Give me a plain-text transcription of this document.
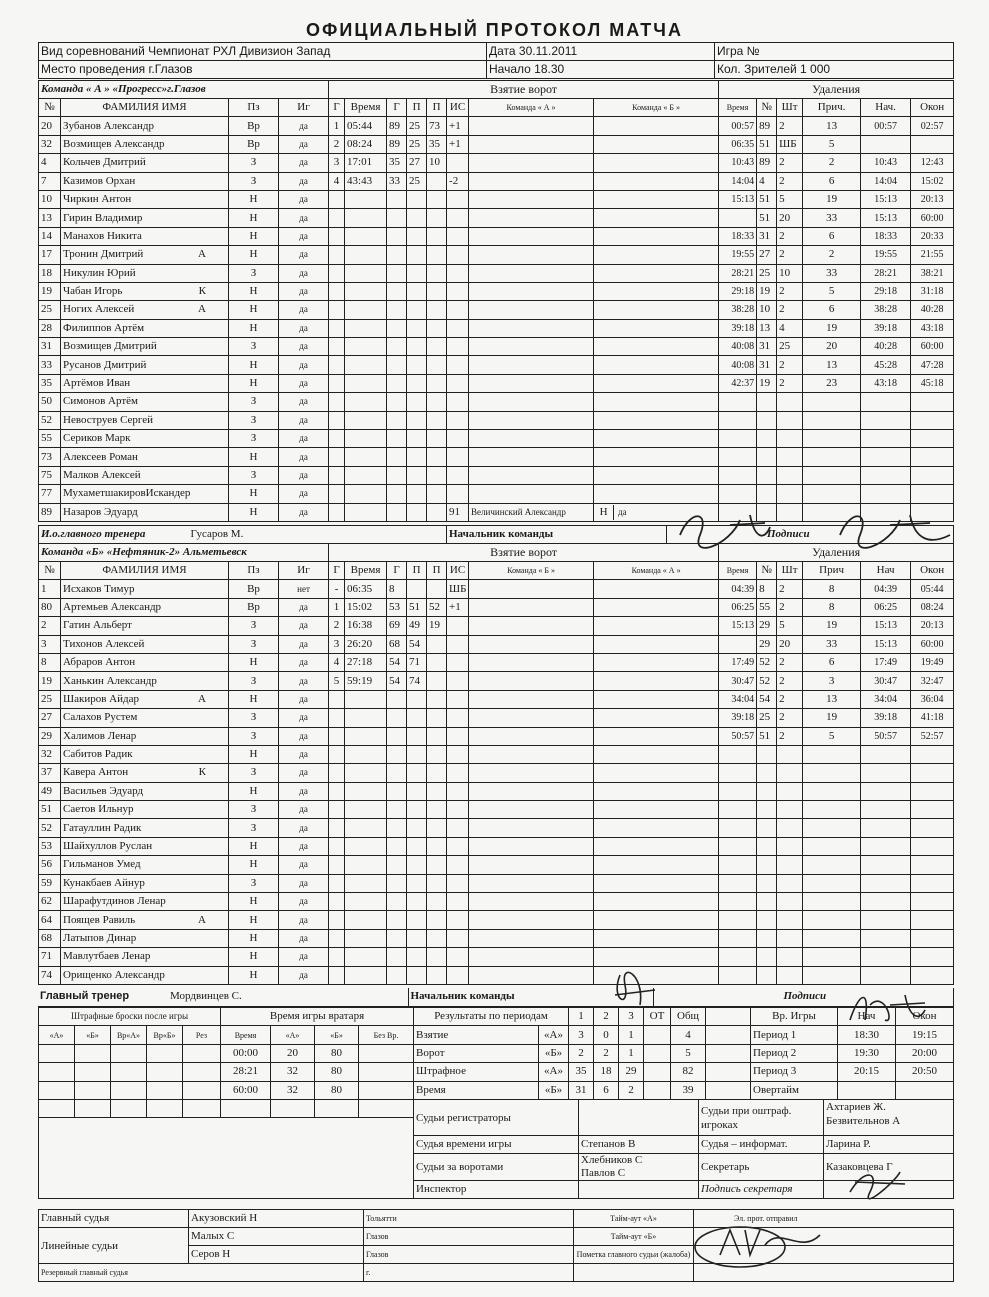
ОФИЦИАЛЬНЫЙ ПРОТОКОЛ МАТЧА
Вид соревнований Чемпионат РХЛ Дивизион Запад	Дата 30.11.2011	Игра №
Место проведения г.Глазов	Начало 18.30	Кол. Зрителей 1 000
Команда « А » «Прогресс»г.Глазов				Взятие ворот								Удаления					
№	ФАМИЛИЯ ИМЯ	Пз	Иг	Г	Время	Г	П	П	ИС	Команда « А »	Команда « Б »	Время	№	Шт	Прич.	Нач.	Окон
20	Зубанов Александр	Вр	да	1	05:44	89	25	73	+1			00:57	89	2	13	00:57	02:57
32	Возмищев Александр	Вр	да	2	08:24	89	25	35	+1			06:35	51	ШБ	5		
4	Кольчев Дмитрий	З	да	3	17:01	35	27	10				10:43	89	2	2	10:43	12:43
7	Казимов Орхан	З	да	4	43:43	33	25		-2			14:04	4	2	6	14:04	15:02
10	Чиркин Антон	Н	да									15:13	51	5	19	15:13	20:13
13	Гирин Владимир	Н	да										51	20	33	15:13	60:00
14	Манахов Никита	Н	да									18:33	31	2	6	18:33	20:33
17	Тронин Дмитрий А	Н	да									19:55	27	2	2	19:55	21:55
18	Никулин Юрий	З	да									28:21	25	10	33	28:21	38:21
19	Чабан Игорь К	Н	да									29:18	19	2	5	29:18	31:18
25	Ногих Алексей А	Н	да									38:28	10	2	6	38:28	40:28
28	Филиппов Артём	Н	да									39:18	13	4	19	39:18	43:18
31	Возмищев Дмитрий	З	да									40:08	31	25	20	40:28	60:00
33	Русанов Дмитрий	Н	да									40:08	31	2	13	45:28	47:28
35	Артёмов Иван	Н	да									42:37	19	2	23	43:18	45:18
50	Симонов Артём	З	да														
52	Невоструев Сергей	З	да														
55	Сериков Марк	З	да														
73	Алексеев Роман	Н	да														
75	Малков Алексей	З	да														
77	МухаметшакировИскандер	Н	да														
89	Назаров Эдуард	Н	да						91	Величинский Александр	Н да						
Команда «Б» «Нефтяник-2» Альметьевск				Взятие ворот								Удаления					
№	ФАМИЛИЯ ИМЯ	Пз	Иг	Г	Время	Г	П	П	ИС	Команда « Б »	Команда « А »	Время	№	Шт	Прич	Нач	Окон
1	Исхаков Тимур	Вр	нет	-	06:35	8			ШБ			04:39	8	2	8	04:39	05:44
80	Артемьев Александр	Вр	да	1	15:02	53	51	52	+1			06:25	55	2	8	06:25	08:24
2	Гатин Альберт	З	да	2	16:38	69	49	19				15:13	29	5	19	15:13	20:13
3	Тихонов Алексей	З	да	3	26:20	68	54						29	20	33	15:13	60:00
8	Абраров Антон	Н	да	4	27:18	54	71					17:49	52	2	6	17:49	19:49
19	Ханькин Александр	З	да	5	59:19	54	74					30:47	52	2	3	30:47	32:47
25	Шакиров Айдар А	Н	да									34:04	54	2	13	34:04	36:04
27	Салахов Рустем	З	да									39:18	25	2	19	39:18	41:18
29	Халимов Ленар	З	да									50:57	51	2	5	50:57	52:57
32	Сабитов Радик	Н	да														
37	Кавера Антон К	З	да														
49	Васильев Эдуард	Н	да														
51	Саетов Ильнур	З	да														
52	Гатауллин Радик	З	да														
53	Шайхуллов Руслан	Н	да														
56	Гильманов Умед	Н	да														
59	Кунакбаев Айнур	З	да														
62	Шарафутдинов Ленар	Н	да														
64	Поящев Равиль А	Н	да														
68	Латыпов Динар	Н	да														
71	Мавлутбаев Ленар	Н	да														
74	Орищенко Александр	Н	да														
И.о.главного тренера	Гусаров М.	Начальник команды	Подписи
Главный тренер	Мордвинцев С.	Начальник команды	Подписи
Штрафные броски после игры					Время игры вратаря			
«А»	«Б»	Вр«А»	Вр«Б»	Рез	Время	«А»	«Б»	Без Вр.
					00:00	20	80	
					28:21	32	80	
					60:00	32	80	

Результаты по периодам		1	2	3	ОТ	Общ
Взятие	«А»	3	0	1		4
Ворот	«Б»	2	2	1		5
Штрафное	«А»	35	18	29		82
Время	«Б»	31	6	2		39
	Вр. Игры	Нач	Окон
	Период 1	18:30	19:15
	Период 2	19:30	20:00
	Период 3	20:15	20:50
	Овертайм		
	Судьи регистраторы		Судьи при оштраф. игроках	Ахтариев Ж.
Безвительнов А

	Судья времени игры	Степанов В	Судья – информат.	Ларина Р.
	Судьи за воротами	Хлебников С
Павлов С	Секретарь	Казаковцева Г
	Инспектор		Подпись секретаря	
Главный судья	Акузовский Н	Тольятти	Тайм-аут «А»	Эл. прот. отправил
Линейные судьи	Малых С	Глазов	Тайм-аут «Б»	
	Серов Н	Глазов	Пометка главного судьи (жалоба)	
Резервный главный судья		г.		
